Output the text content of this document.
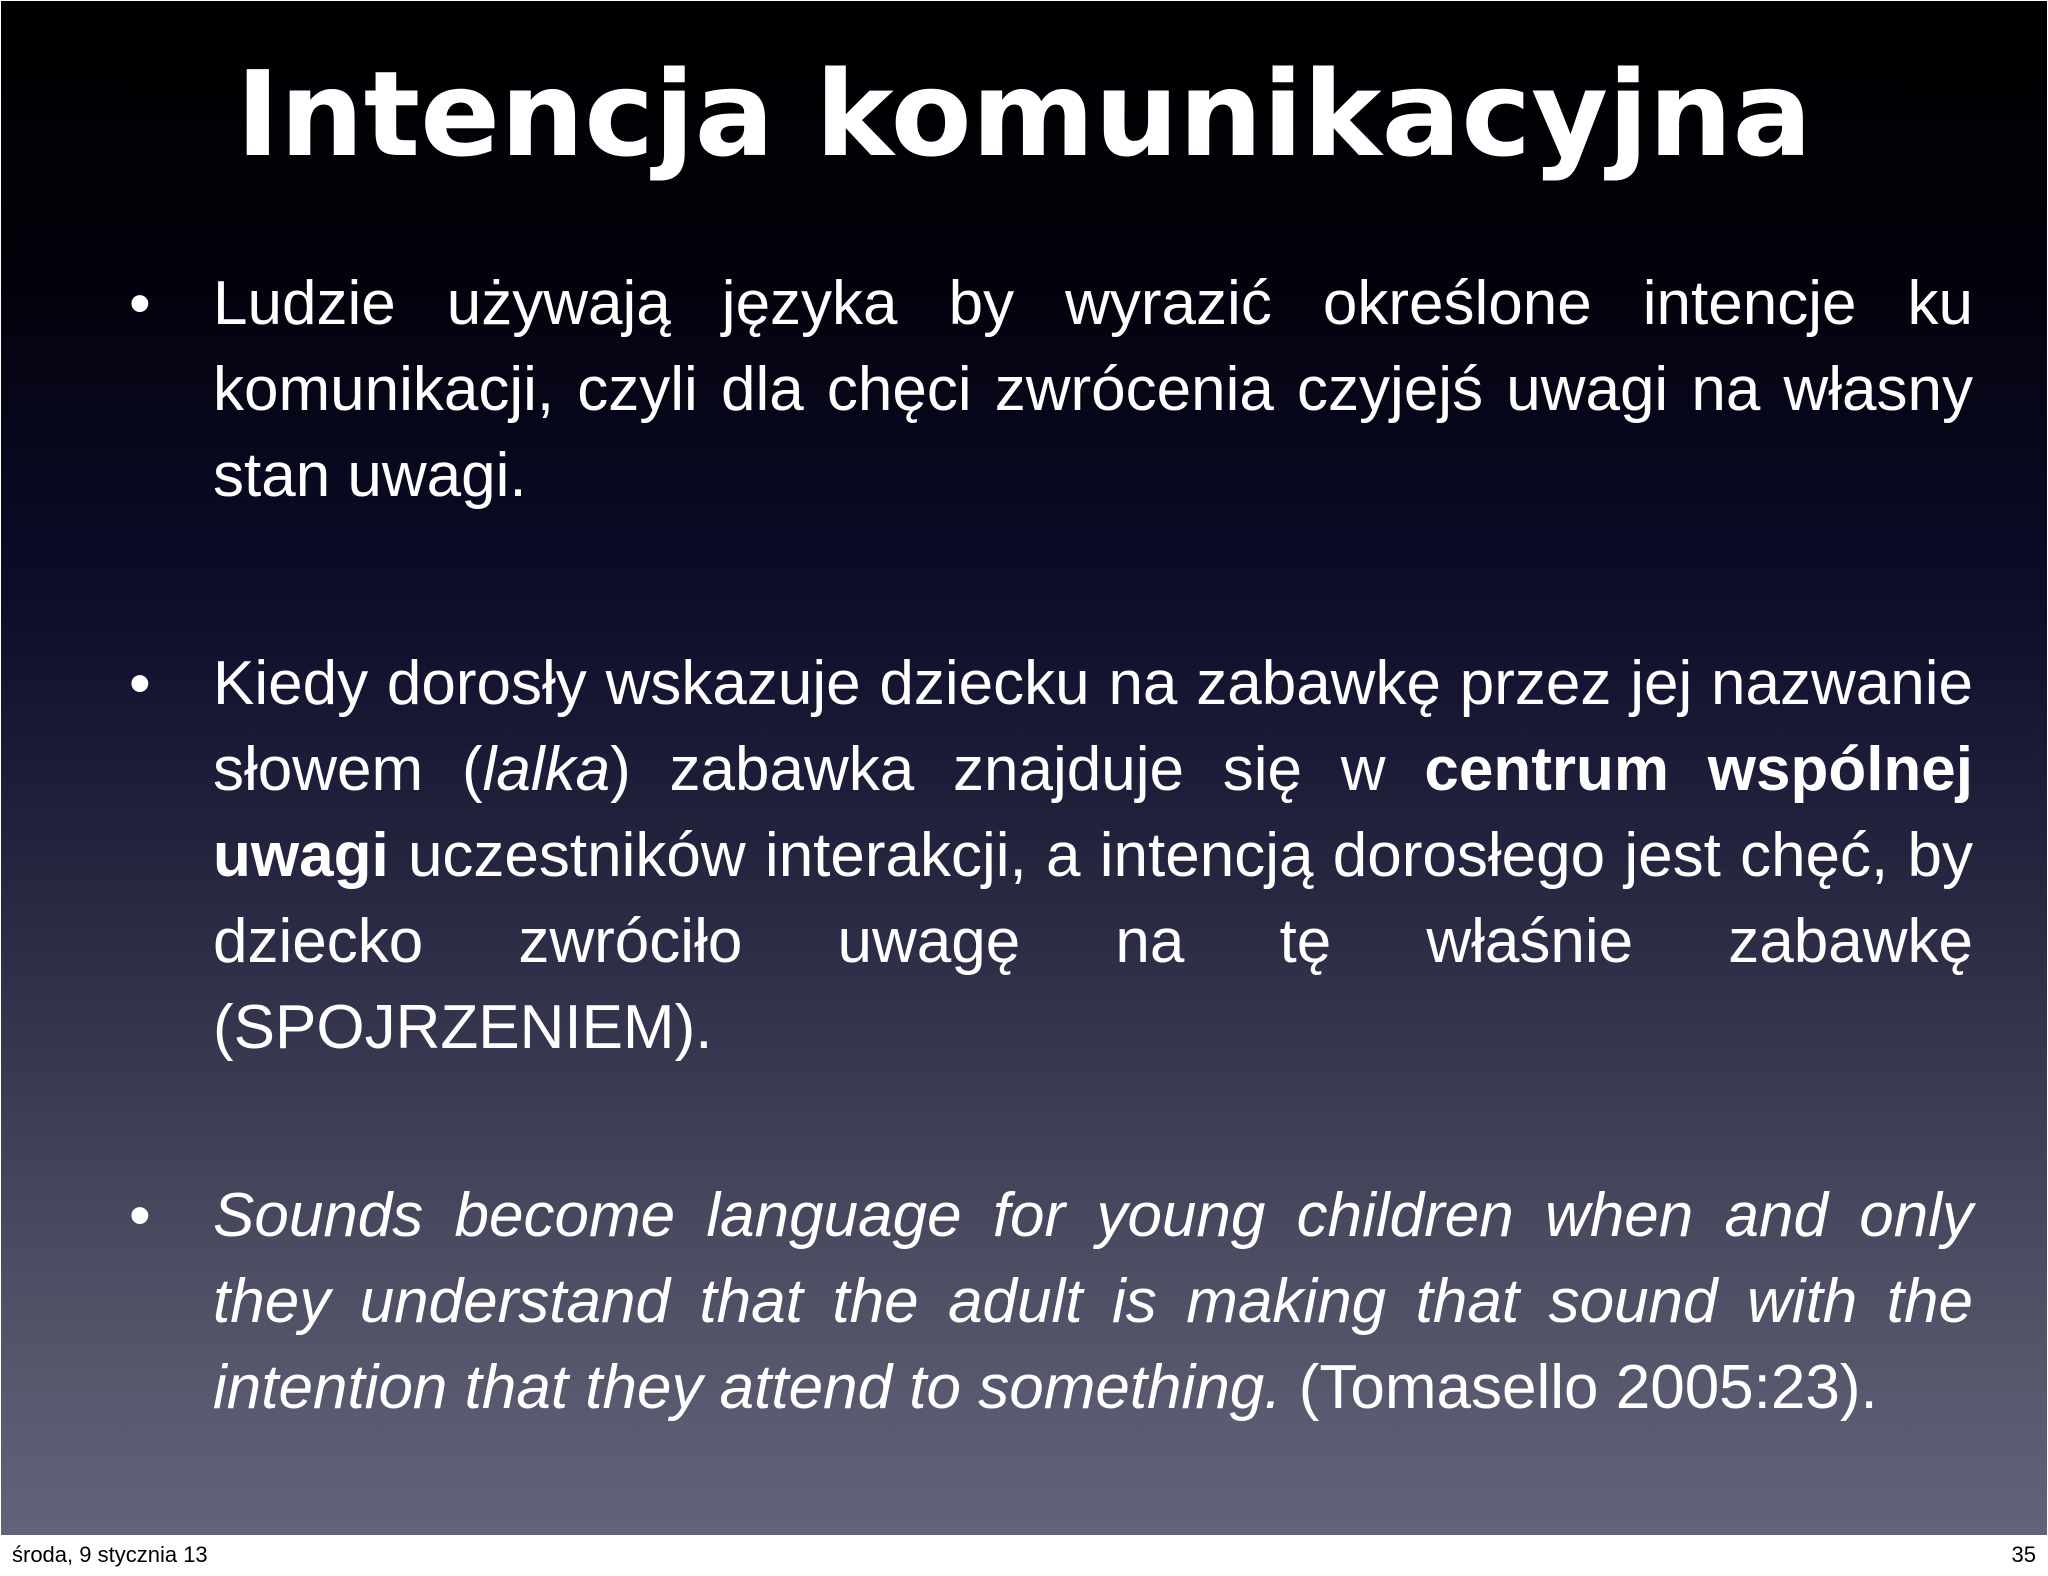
Intencja komunikacyjna
• Ludzie używają języka by wyrazić określone intencje ku komunikacji, czyli dla chęci zwrócenia czyjejś uwagi na własny stan uwagi.
• Kiedy dorosły wskazuje dziecku na zabawkę przez jej nazwanie słowem (lalka) zabawka znajduje się w centrum wspólnej uwagi uczestników interakcji, a intencją dorosłego jest chęć, by dziecko zwróciło uwagę na tę właśnie zabawkę (SPOJRZENIEM).
• Sounds become language for young children when and only they understand that the adult is making that sound with the intention that they attend to something. (Tomasello 2005:23).
środa, 9 stycznia 13	35
